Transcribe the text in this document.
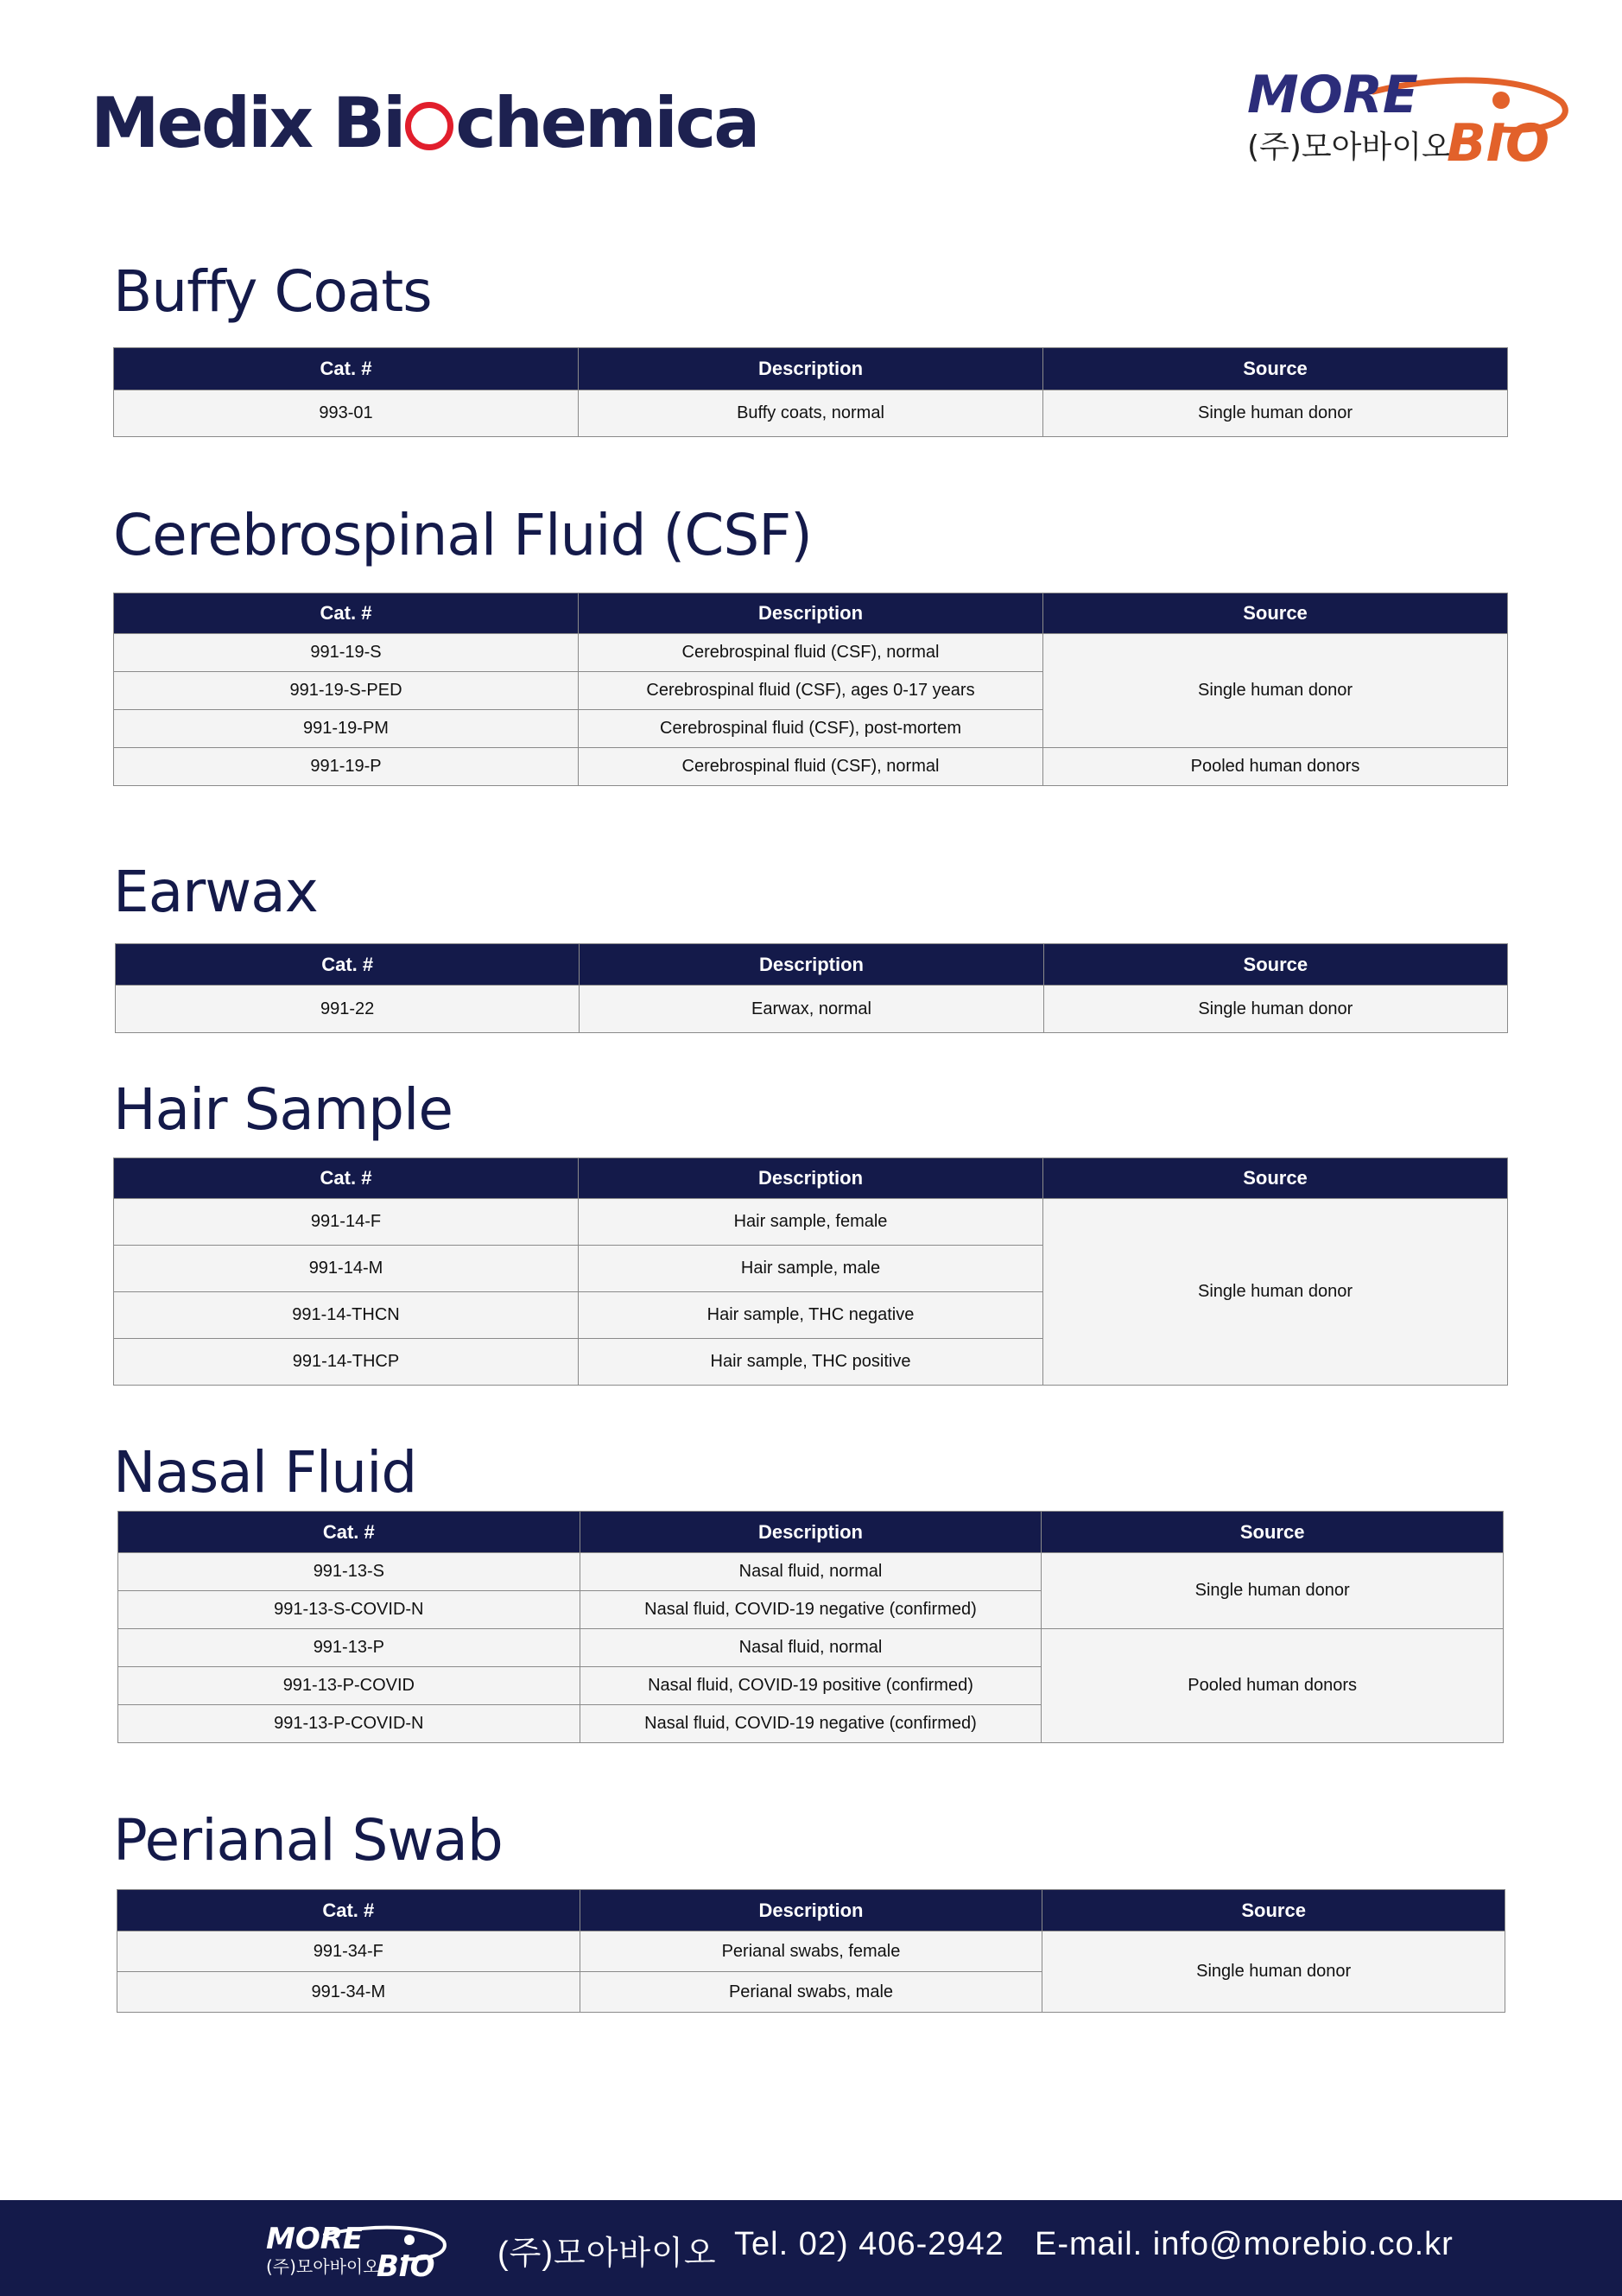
Medix Bi chemica	MORE
(주)모아바이오
BIO
Buffy Coats
Cat. #	Description	Source
993-01	Buffy coats, normal	Single human donor
Cerebrospinal Fluid (CSF)
Cat. #	Description	Source
991-19-S	Cerebrospinal fluid (CSF), normal	Single human donor
991-19-S-PED	Cerebrospinal fluid (CSF), ages 0-17 years	
991-19-PM	Cerebrospinal fluid (CSF), post-mortem	
991-19-P	Cerebrospinal fluid (CSF), normal	Pooled human donors
Earwax
Cat. #	Description	Source
991-22	Earwax, normal	Single human donor
Hair Sample
Cat. #	Description	Source
991-14-F	Hair sample, female	Single human donor
991-14-M	Hair sample, male	
991-14-THCN	Hair sample, THC negative	
991-14-THCP	Hair sample, THC positive	
Nasal Fluid
Cat. #	Description	Source
991-13-S	Nasal fluid, normal	Single human donor
991-13-S-COVID-N	Nasal fluid, COVID-19 negative (confirmed)	
991-13-P	Nasal fluid, normal	Pooled human donors
991-13-P-COVID	Nasal fluid, COVID-19 positive (confirmed)	
991-13-P-COVID-N	Nasal fluid, COVID-19 negative (confirmed)	
Perianal Swab
Cat. #	Description	Source
991-34-F	Perianal swabs, female	Single human donor
991-34-M	Perianal swabs, male	
MORE
(주)모아바이오
BIO (주)모아바이오 Tel. 02) 406-2942 E-mail. info@morebio.co.kr
